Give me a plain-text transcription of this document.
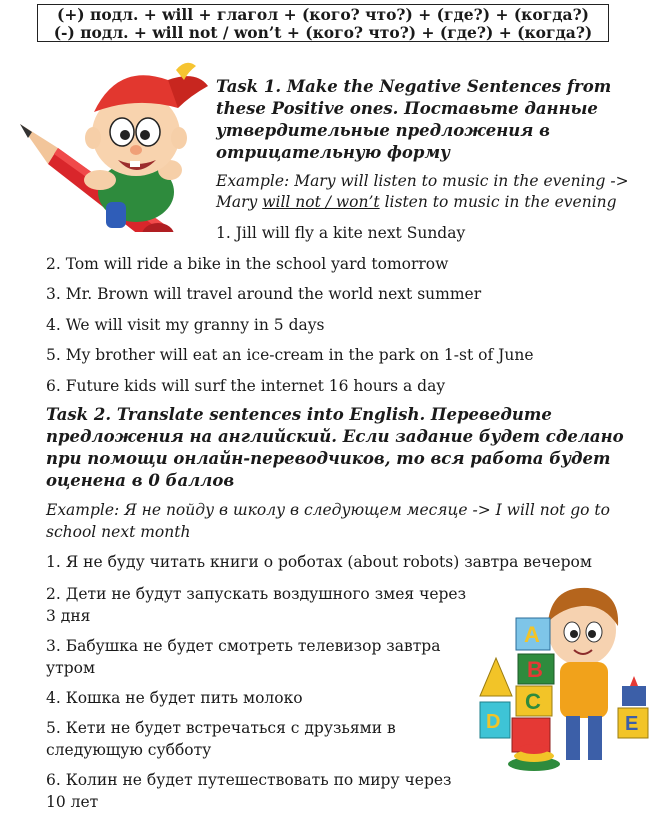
(+) подл. + will + глагол + (кого? что?) + (где?) + (когда?)
(-) подл. + will not / won’t + (кого? что?) + (где?) + (когда?)
Task 1. Make the Negative Sentences from
these Positive ones. Поставьте данные
утвердительные предложения в
отрицательную форму
Example: Mary will listen to music in the evening ->
Mary will not / won’t listen to music in the evening
1. Jill will fly a kite next Sunday
2. Tom will ride a bike in the school yard tomorrow
3. Mr. Brown will travel around the world next summer
4. We will visit my granny in 5 days
5. My brother will eat an ice-cream in the park on 1-st of June
6. Future kids will surf the internet 16 hours a day
Task 2. Translate sentences into English. Переведите
предложения на английский. Если задание будет сделано
при помощи онлайн-переводчиков, то вся работа будет
оценена в 0 баллов
Example: Я не пойду в школу в следующем месяце -> I will not go to
school next month
1. Я не буду читать книги о роботах (about robots) завтра вечером
2. Дети не будут запускать воздушного змея через
3 дня
3. Бабушка не будет смотреть телевизор завтра
утром
4. Кошка не будет пить молоко
5. Кети не будет встречаться с друзьями в
следующую субботу
6. Колин не будет путешествовать по миру через
10 лет
A
B
C
D	E
